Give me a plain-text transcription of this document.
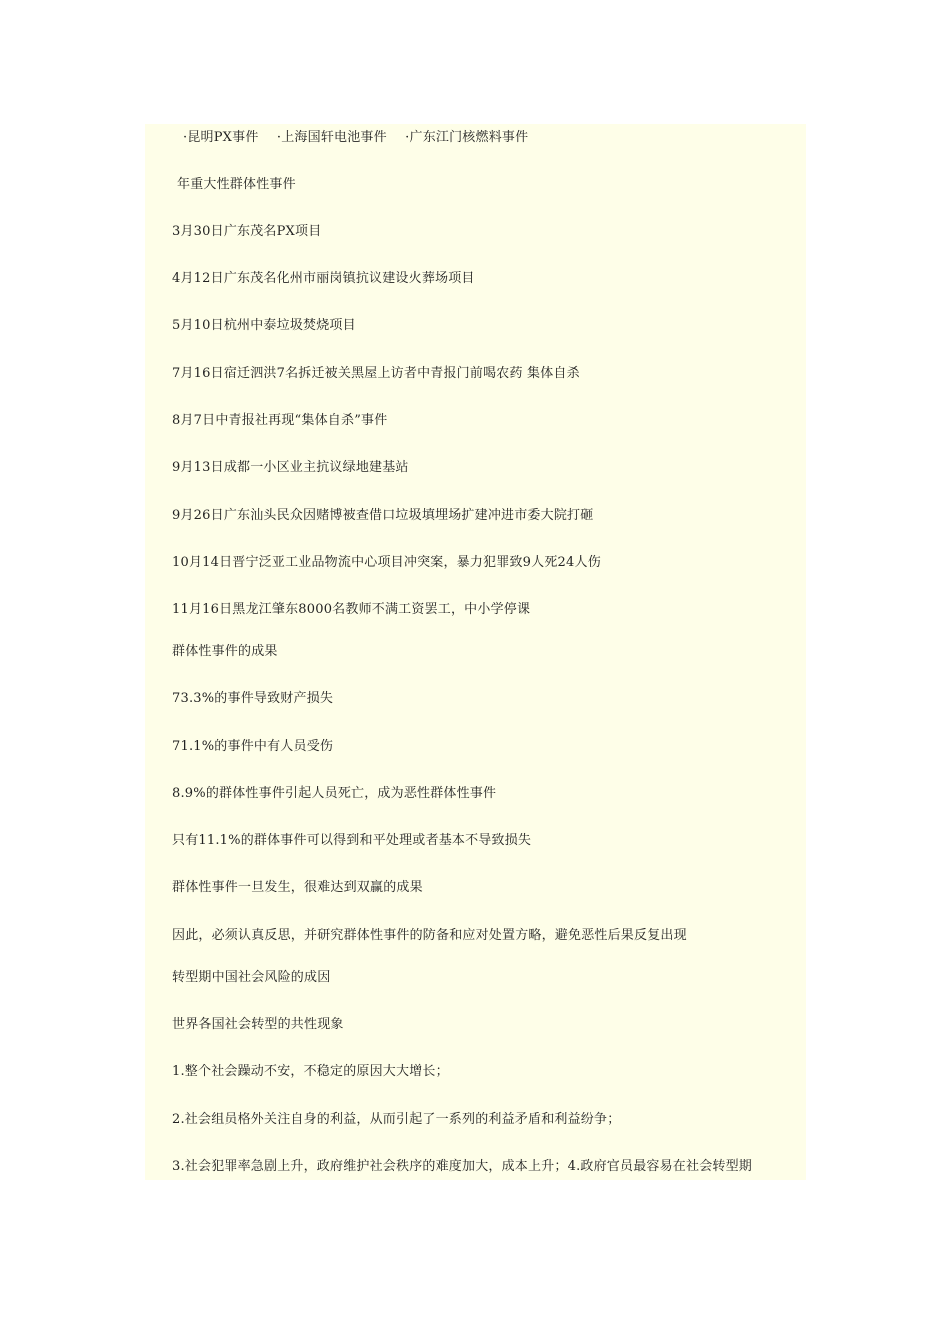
·昆明PX事件 ·上海国轩电池事件 ·广东江门核燃料事件
年重大性群体性事件
3月30日广东茂名PX项目
4月12日广东茂名化州市丽岗镇抗议建设火葬场项目
5月10日杭州中泰垃圾焚烧项目
7月16日宿迁泗洪7名拆迁被关黑屋上访者中青报门前喝农药 集体自杀
8月7日中青报社再现“集体自杀”事件
9月13日成都一小区业主抗议绿地建基站
9月26日广东汕头民众因赌博被查借口垃圾填埋场扩建冲进市委大院打砸
10月14日晋宁泛亚工业品物流中心项目冲突案，暴力犯罪致9人死24人伤
11月16日黑龙江肇东8000名教师不满工资罢工，中小学停课
群体性事件的成果
73.3%的事件导致财产损失
71.1%的事件中有人员受伤
8.9%的群体性事件引起人员死亡，成为恶性群体性事件
只有11.1%的群体事件可以得到和平处理或者基本不导致损失
群体性事件一旦发生，很难达到双赢的成果
因此，必须认真反思，并研究群体性事件的防备和应对处置方略，避免恶性后果反复出现
转型期中国社会风险的成因
世界各国社会转型的共性现象
1.整个社会躁动不安，不稳定的原因大大增长；
2.社会组员格外关注自身的利益，从而引起了一系列的利益矛盾和利益纷争；
3.社会犯罪率急剧上升，政府维护社会秩序的难度加大，成本上升；4.政府官员最容易在社会转型期
